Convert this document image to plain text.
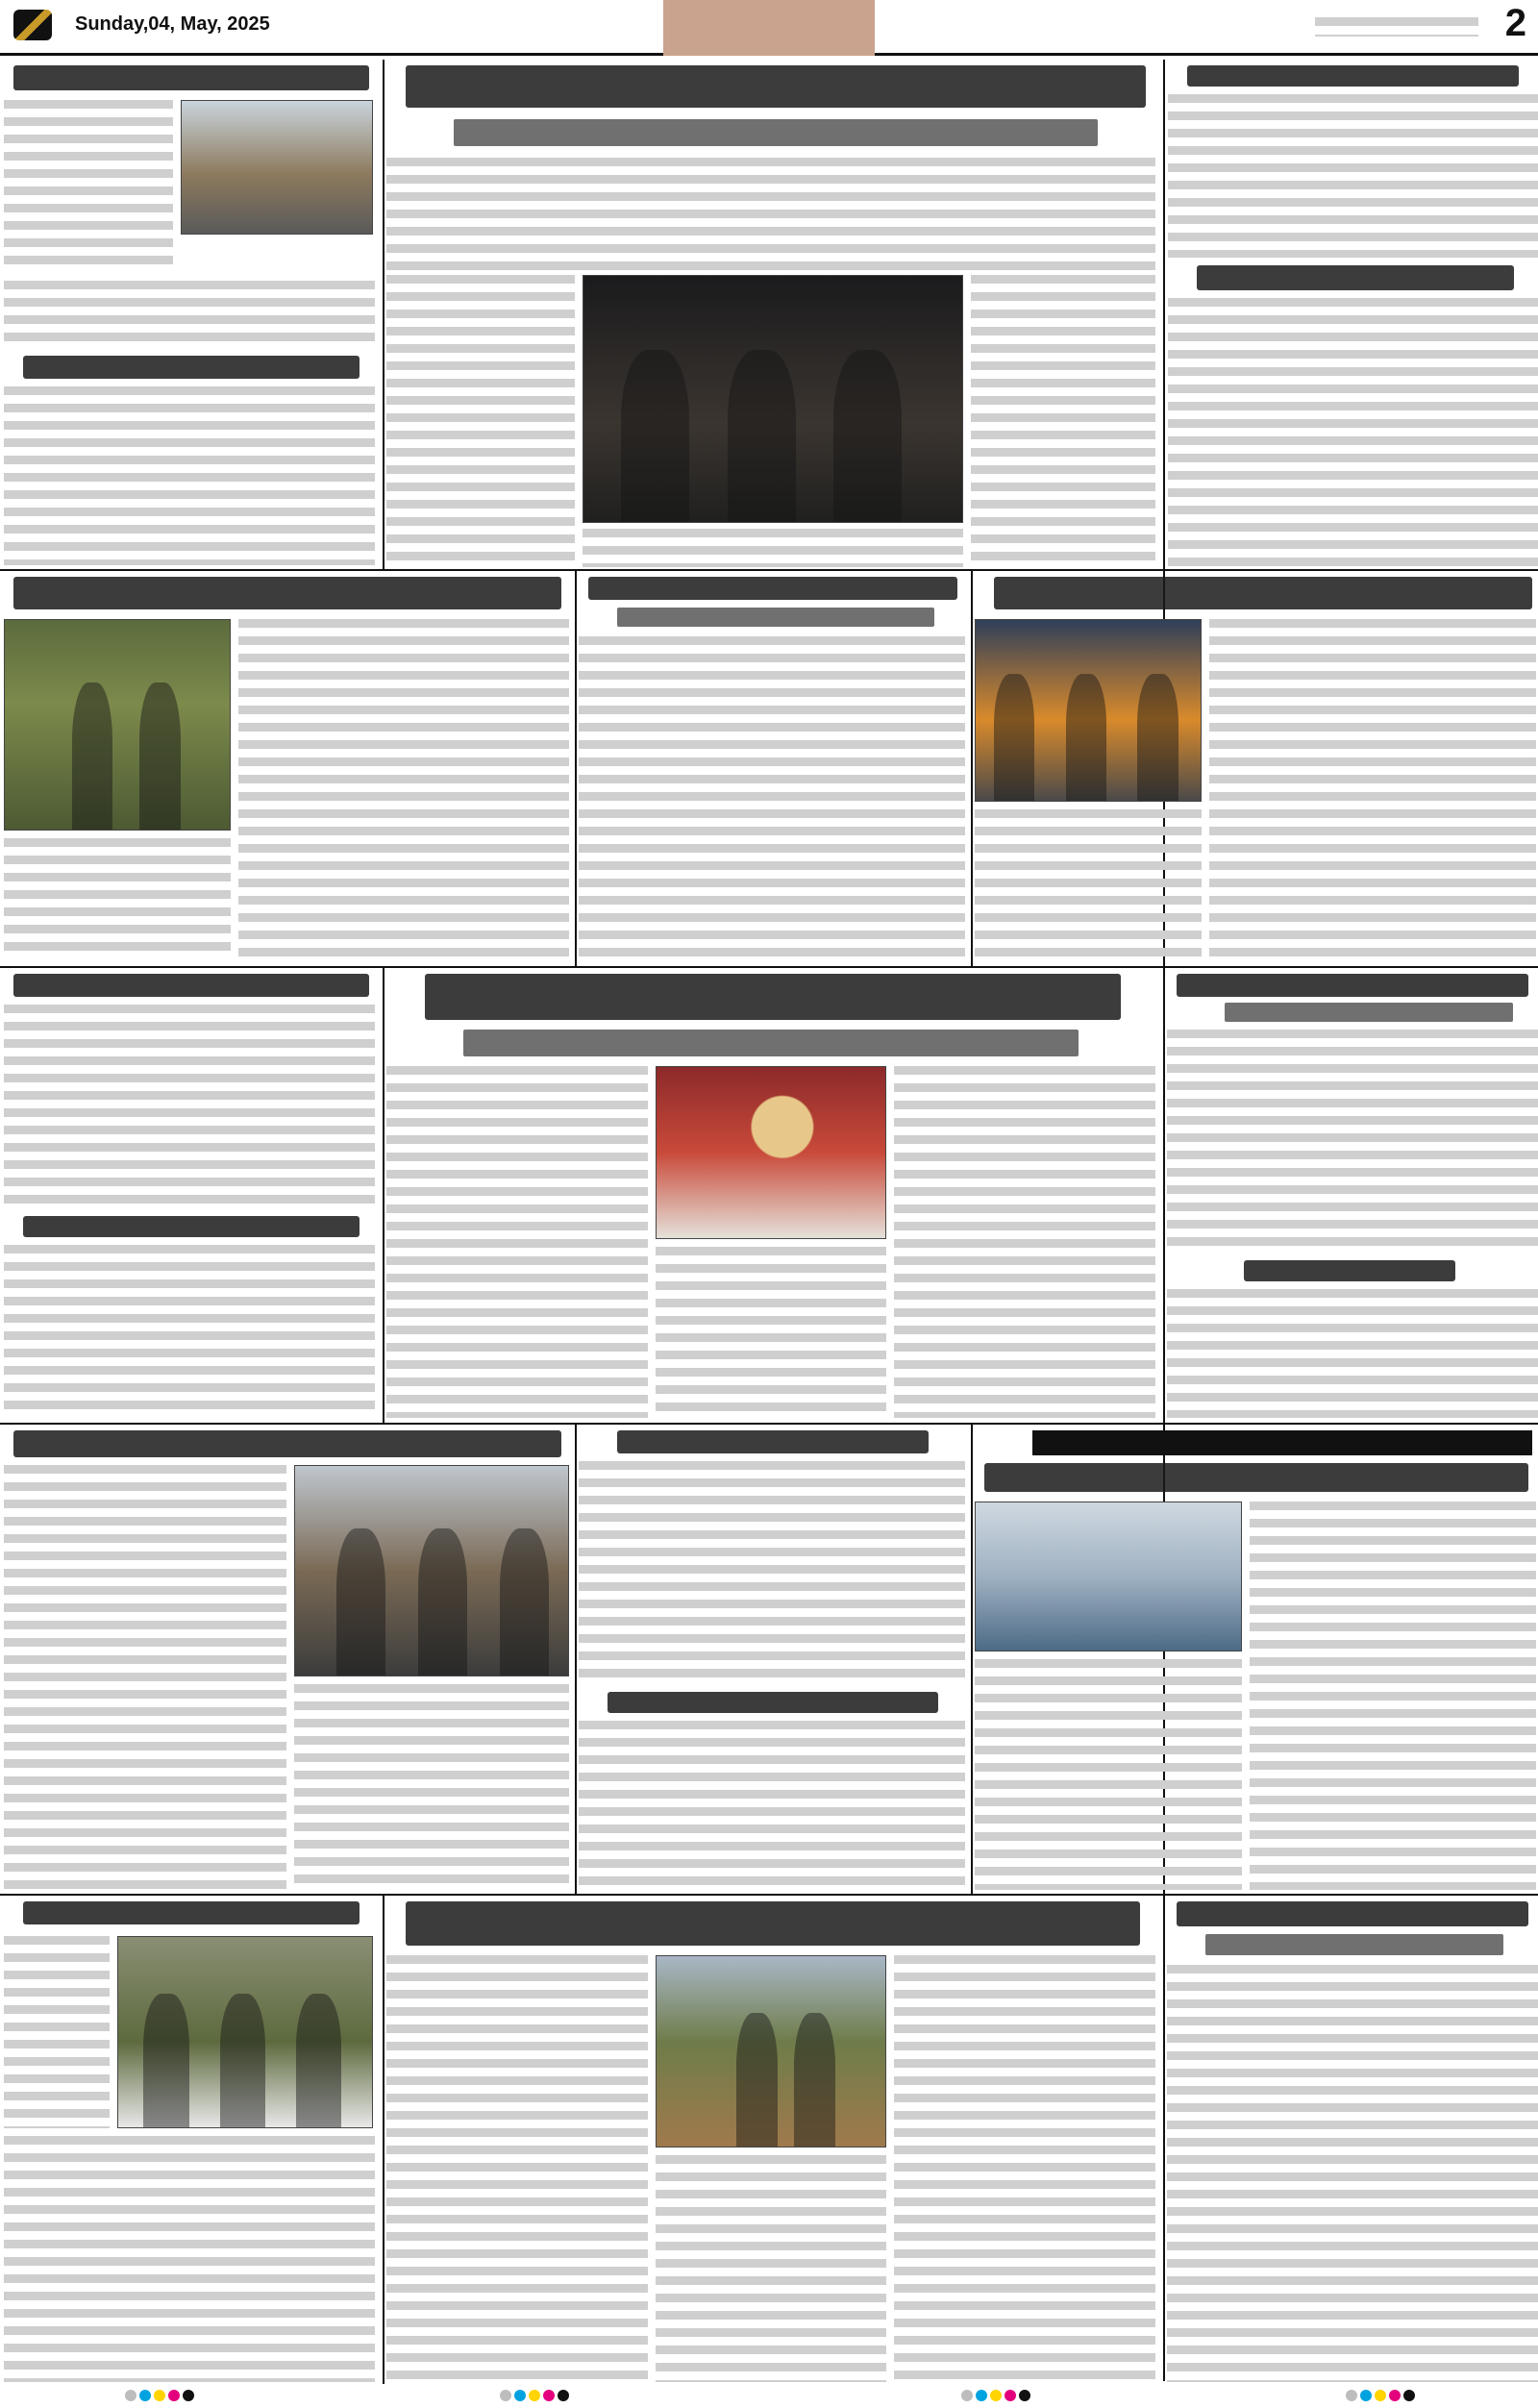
Sunday,04, May, 2025	2
